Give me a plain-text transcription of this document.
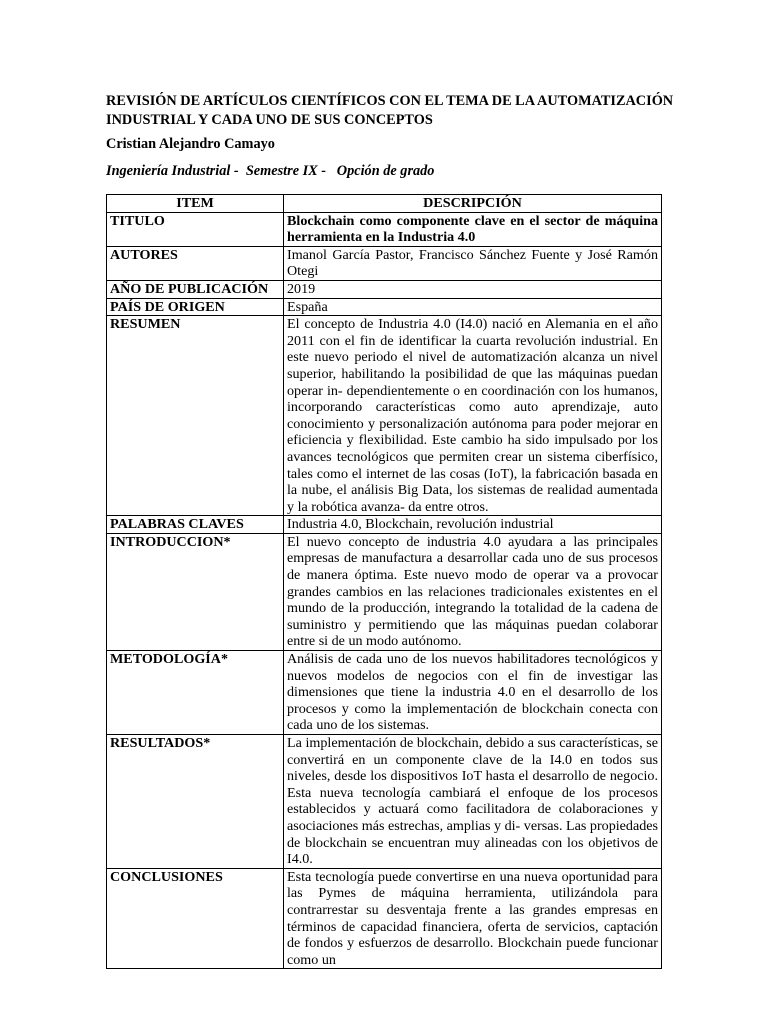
REVISIÓN DE ARTÍCULOS CIENTÍFICOS CON EL TEMA DE LA AUTOMATIZACIÓN INDUSTRIAL Y CADA UNO DE SUS CONCEPTOS

Cristian Alejandro Camayo

Ingeniería Industrial -  Semestre IX -   Opción de grado

ITEM	DESCRIPCIÓN
TITULO	Blockchain como componente clave en el sector de máquina herramienta en la Industria 4.0
AUTORES	Imanol García Pastor, Francisco Sánchez Fuente y José Ramón Otegi
AÑO DE PUBLICACIÓN	2019
PAÍS DE ORIGEN	España
RESUMEN	El concepto de Industria 4.0 (I4.0) nació en Alemania en el año 2011 con el fin de identificar la cuarta revolución industrial. En este nuevo periodo el nivel de automatización alcanza un nivel superior, habilitando la posibilidad de que las máquinas puedan operar in- dependientemente o en coordinación con los humanos, incorporando características como auto aprendizaje, auto conocimiento y personalización autónoma para poder mejorar en eficiencia y flexibilidad. Este cambio ha sido impulsado por los avances tecnológicos que permiten crear un sistema ciberfísico, tales como el internet de las cosas (IoT), la fabricación basada en la nube, el análisis Big Data, los sistemas de realidad aumentada y la robótica avanza- da entre otros.
PALABRAS CLAVES	Industria 4.0, Blockchain, revolución industrial
INTRODUCCION*	El nuevo concepto de industria 4.0 ayudara a las principales empresas de manufactura a desarrollar cada uno de sus procesos de manera óptima. Este nuevo modo de operar va a provocar grandes cambios en las relaciones tradicionales existentes en el mundo de la producción, integrando la totalidad de la cadena de suministro y permitiendo que las máquinas puedan colaborar entre si de un modo autónomo.
METODOLOGÍA*	Análisis de cada uno de los nuevos habilitadores tecnológicos y nuevos modelos de negocios con el fin de investigar las dimensiones que tiene la industria 4.0 en el desarrollo de los procesos y como la implementación de blockchain conecta con cada uno de los sistemas.
RESULTADOS*	La implementación de blockchain, debido a sus características, se convertirá en un componente clave de la I4.0 en todos sus niveles, desde los dispositivos IoT hasta el desarrollo de negocio. Esta nueva tecnología cambiará el enfoque de los procesos establecidos y actuará como facilitadora de colaboraciones y asociaciones más estrechas, amplias y di- versas. Las propiedades de blockchain se encuentran muy alineadas con los objetivos de I4.0.
CONCLUSIONES	Esta tecnología puede convertirse en una nueva oportunidad para las Pymes de máquina herramienta, utilizándola para contrarrestar su desventaja frente a las grandes empresas en términos de capacidad financiera, oferta de servicios, captación de fondos y esfuerzos de desarrollo. Blockchain puede funcionar como un
